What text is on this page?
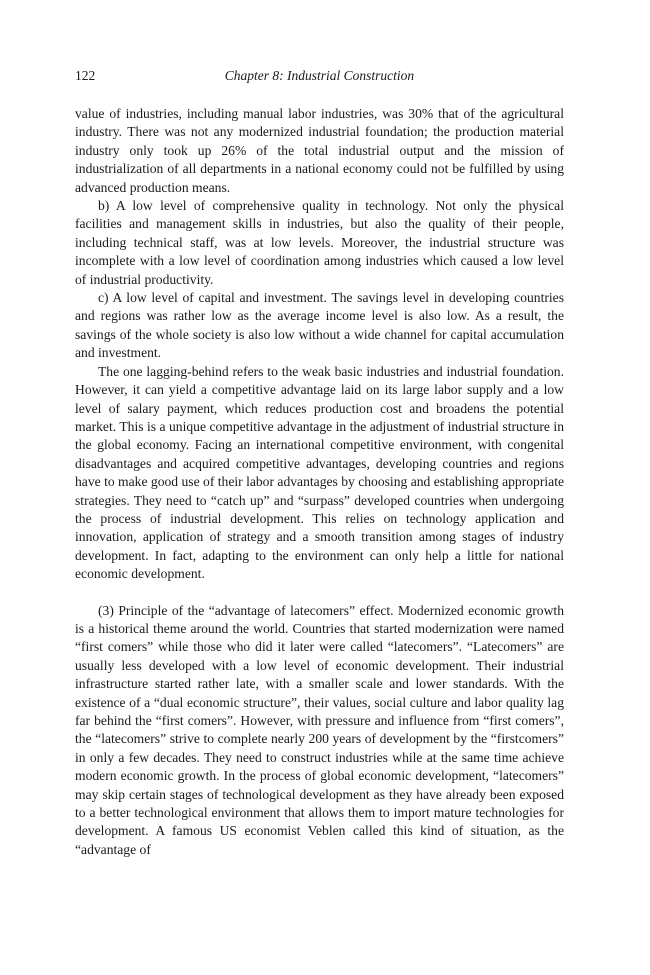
122	Chapter 8: Industrial Construction

value of industries, including manual labor industries, was 30% that of the agricultural industry. There was not any modernized industrial foundation; the production material industry only took up 26% of the total industrial output and the mission of industrialization of all departments in a national economy could not be fulfilled by using advanced production means.

b) A low level of comprehensive quality in technology. Not only the physical facilities and management skills in industries, but also the quality of their people, including technical staff, was at low levels. Moreover, the industrial structure was incomplete with a low level of coordination among industries which caused a low level of industrial productivity.

c) A low level of capital and investment. The savings level in developing countries and regions was rather low as the average income level is also low. As a result, the savings of the whole society is also low without a wide channel for capital accumulation and investment.

The one lagging-behind refers to the weak basic industries and industrial foundation. However, it can yield a competitive advantage laid on its large labor supply and a low level of salary payment, which reduces production cost and broadens the potential market. This is a unique competitive advantage in the adjustment of industrial structure in the global economy. Facing an international competitive environment, with congenital disadvantages and acquired competitive advantages, developing countries and regions have to make good use of their labor advantages by choosing and establishing appropriate strategies. They need to “catch up” and “surpass” developed countries when undergoing the process of industrial development. This relies on technology application and innovation, application of strategy and a smooth transition among stages of industry development. In fact, adapting to the environment can only help a little for national economic development.

(3) Principle of the “advantage of latecomers” effect. Modernized economic growth is a historical theme around the world. Countries that started modernization were named “first comers” while those who did it later were called “latecomers”. “Latecomers” are usually less developed with a low level of economic development. Their industrial infrastructure started rather late, with a smaller scale and lower standards. With the existence of a “dual economic structure”, their values, social culture and labor quality lag far behind the “first comers”. However, with pressure and influence from “first comers”, the “latecomers” strive to complete nearly 200 years of development by the “firstcomers” in only a few decades. They need to construct industries while at the same time achieve modern economic growth. In the process of global economic development, “latecomers” may skip certain stages of technological development as they have already been exposed to a better technological environment that allows them to import mature technologies for development. A famous US economist Veblen called this kind of situation, as the “advantage of
